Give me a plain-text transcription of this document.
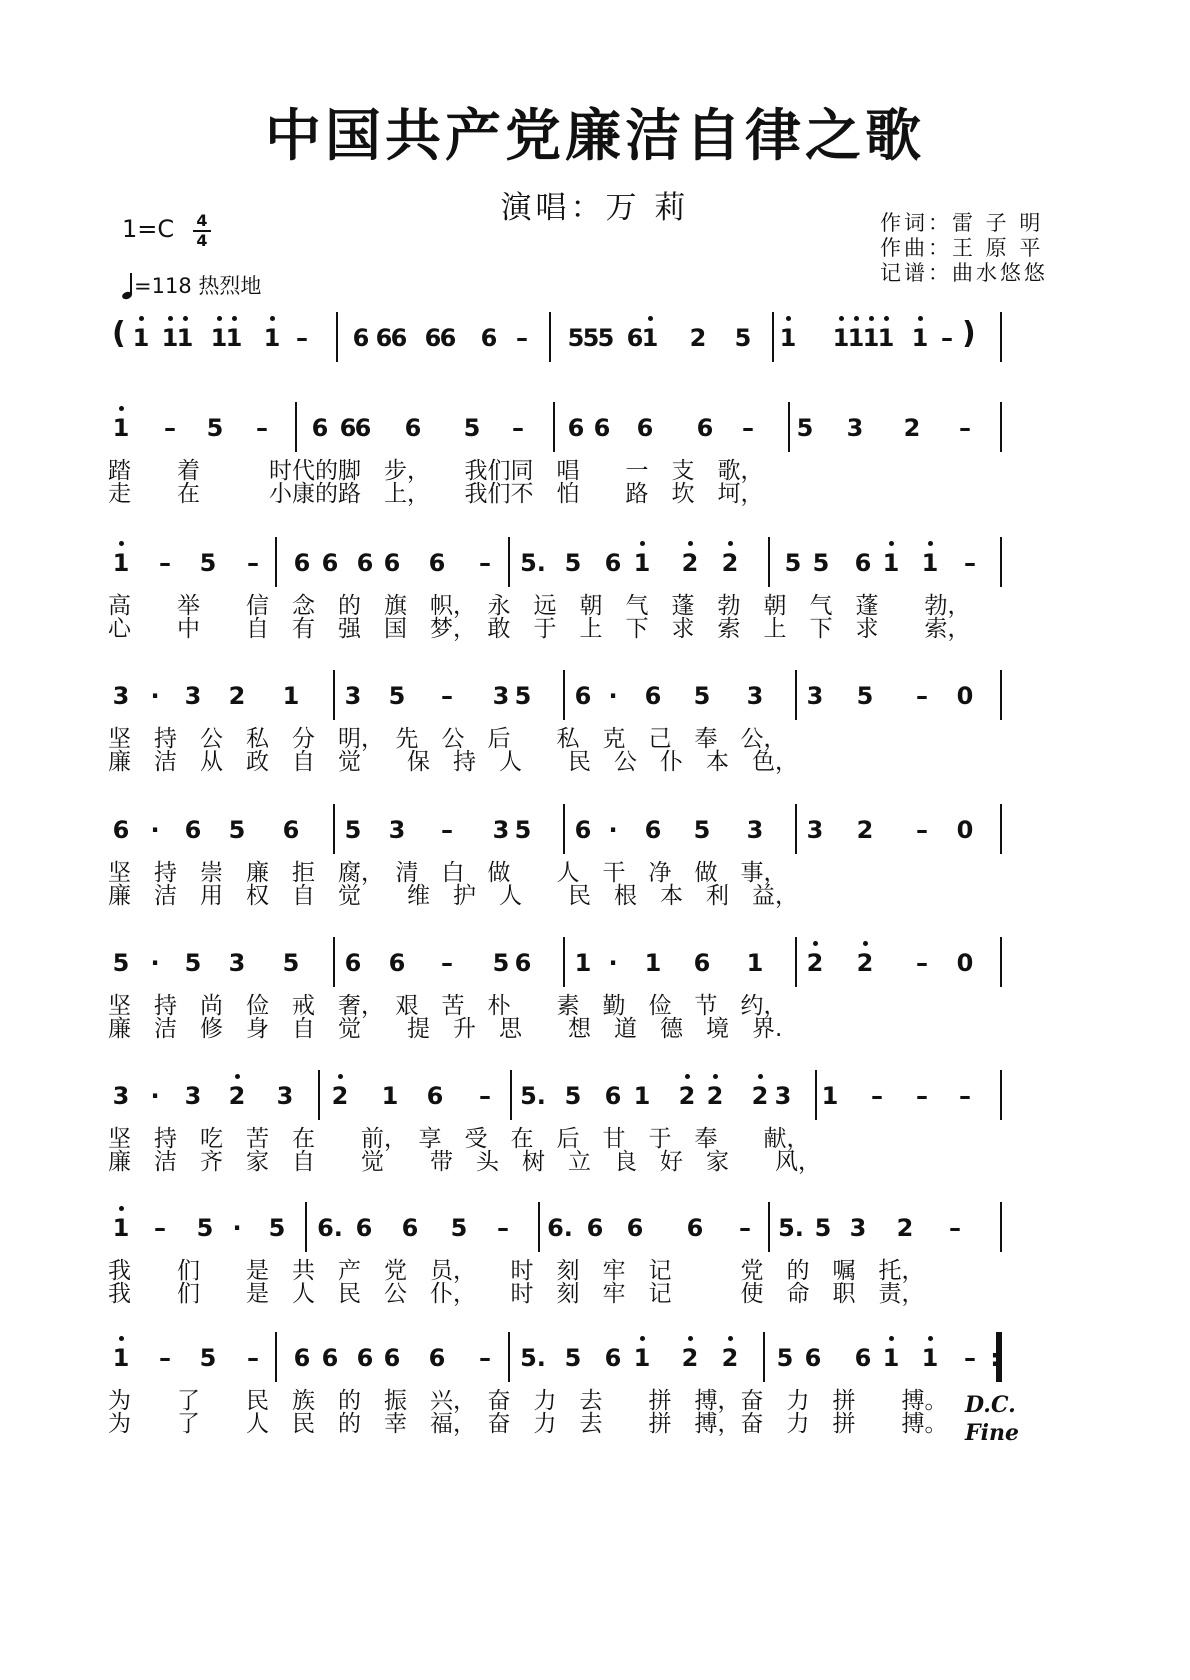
中国共产党廉洁自律之歌
演唱：万 莉
1=C 4
4
=118 热烈地
作词：雷 子 明
作曲：王 原 平
记谱：曲水悠悠
( 1 1
1 1
1 1 –	6 6
6 6
6 6 –	5
5
5 6
1 2 5 1 1
1
1
1 1 – )
1	–	5	–	6 6
6 6 5	–	6 6 6 6	–	5 3 2	–
踏　　着　　　时代的脚　步，　　我们同　唱　　一　支　歌，
走　　在　　　小康的路　上，　　我们不　怕　　路　坎　坷，
1	–	5	–	6 6 6 6 6	–	5. 5 6 1 2 2 5 5 6 1 1	–
高　　举　　信　念　的　旗　帜，　永　远　朝　气　蓬　勃　朝　气　蓬　　勃，
心　　中　　自　有　强　国　梦，　敢　于　上　下　求　索　上　下　求　　索，
3 ·	3 2 1 3 5	–	3 5 6 ·	6 5 3 3 5	–	0
坚　持　公　私　分　明，　先　公　后　　私　克　己　奉　公，
廉　洁　从　政　自　觉　　保　持　人　　民　公　仆　本　色，
6 ·	6 5 6 5 3	–	3 5 6 ·	6 5 3 3 2	–	0
坚　持　崇　廉　拒　腐，　清　白　做　　人　干　净　做　事，
廉　洁　用　权　自　觉　　维　护　人　　民　根　本　利　益，
5 ·	5 3 5 6 6	–	5 6 1 ·	1 6 1 2 2	–	0
坚　持　尚　俭　戒　奢，　艰　苦　朴　　素　勤　俭　节　约，
廉　洁　修　身　自　觉　　提　升　思　　想　道　德　境　界.
3 ·	3 2 3 2 1 6	–	5. 5 6 1 2 2 2 3 1	–	–	–
坚　持　吃　苦　在　　前，　享　受　在　后　甘　于　奉　　献，
廉　洁　齐　家　自　　觉　　带　头　树　立　良　好　家　　风，
1	–	5 ·	5 6. 6 6 5	–	6. 6 6 6	–	5. 5 3 2	–
我　　们　　是　共　产　党　员，　　时　刻　牢　记　　　党　的　嘱　托，
我　　们　　是　人　民　公　仆，　　时　刻　牢　记　　　使　命　职　责，
1	–	5	–	6 6 6 6 6	–	5. 5 6 1 2 2 5 6 6 1 1	– :
D.C.
Fine
为　　了　　民　族　的　振　兴，　奋　力　去　　拼　搏，奋　力　拼　　搏。
为　　了　　人　民　的　幸　福，　奋　力　去　　拼　搏，奋　力　拼　　搏。
